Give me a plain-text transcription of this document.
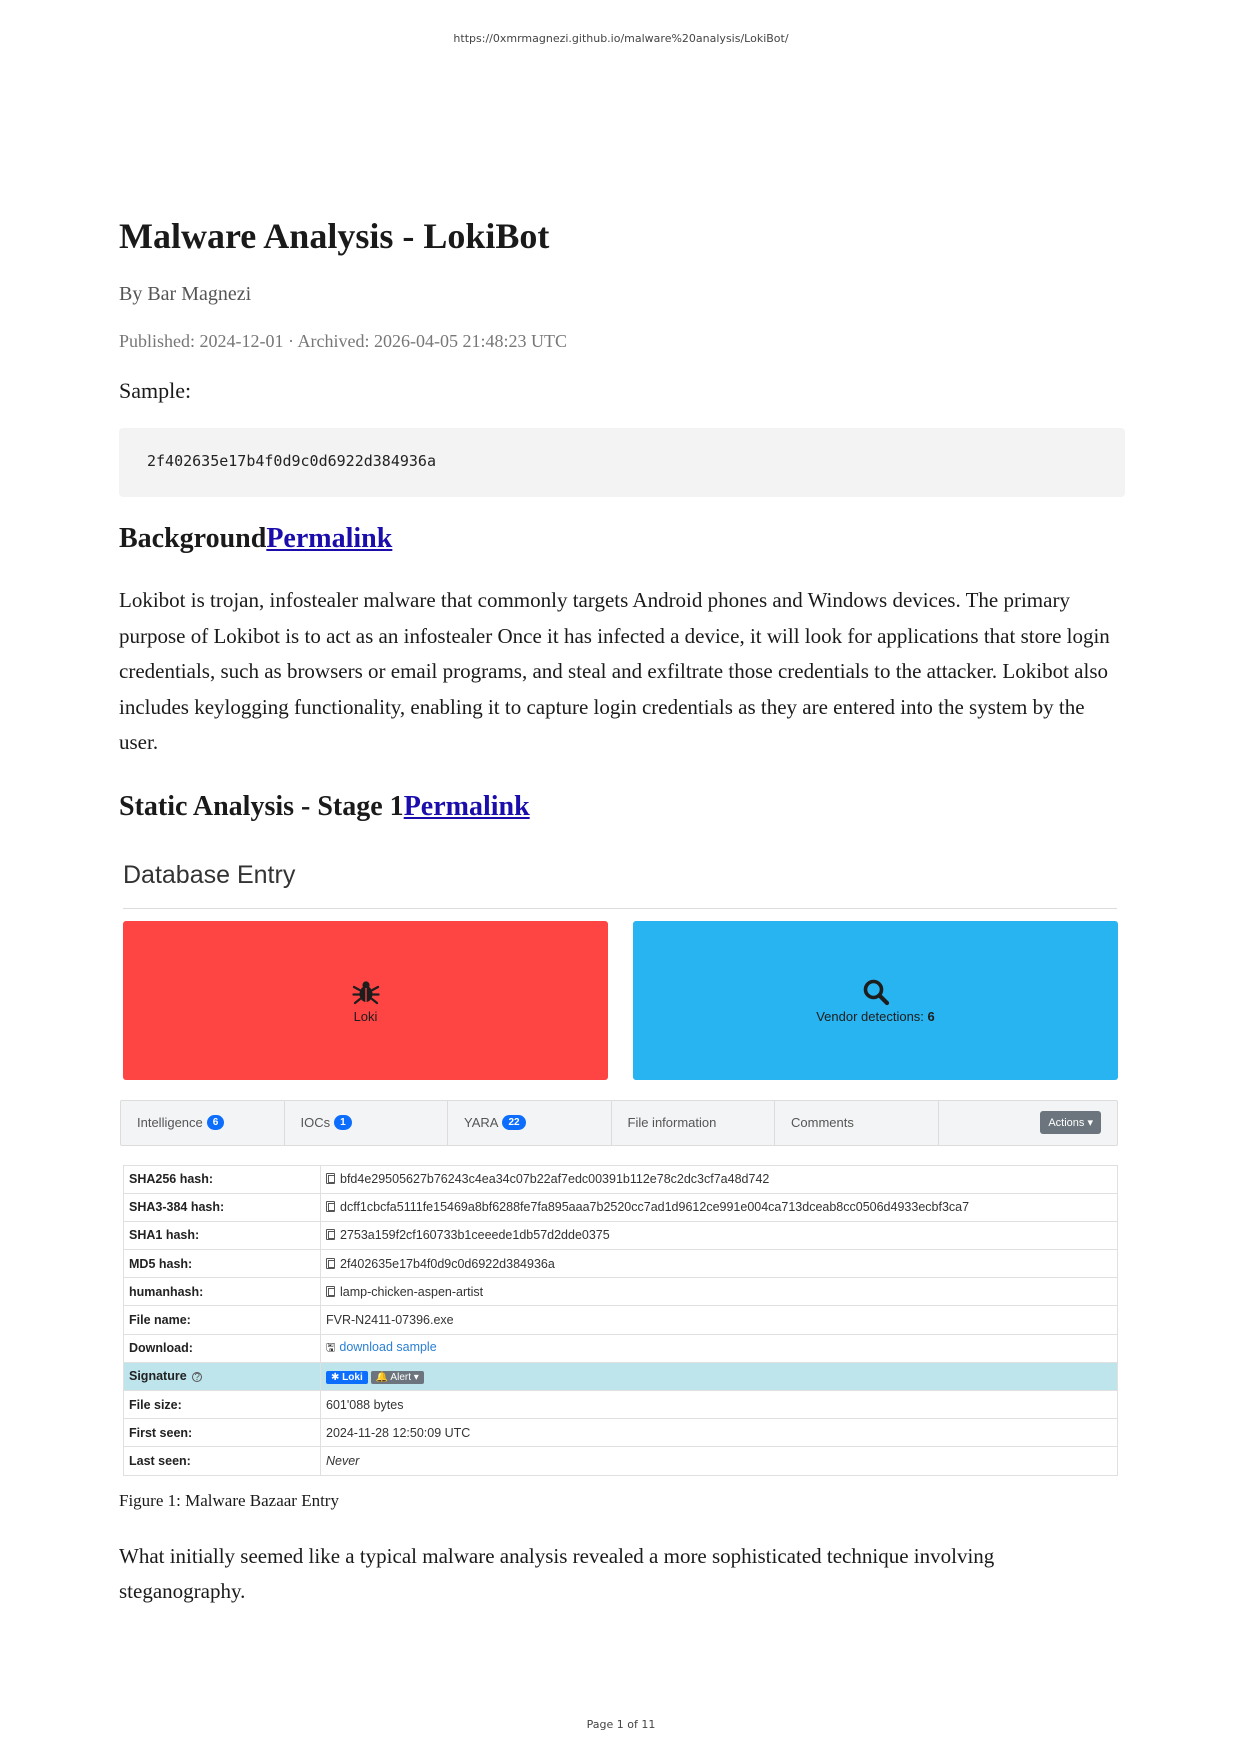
https://0xmrmagnezi.github.io/malware%20analysis/LokiBot/
Malware Analysis - LokiBot
By Bar Magnezi
Published: 2024-12-01 · Archived: 2026-04-05 21:48:23 UTC
Sample:
2f402635e17b4f0d9c0d6922d384936a
BackgroundPermalink

Lokibot is trojan, infostealer malware that commonly targets Android phones and Windows devices. The primary purpose of Lokibot is to act as an infostealer Once it has infected a device, it will look for applications that store login credentials, such as browsers or email programs, and steal and exfiltrate those credentials to the attacker. Lokibot also includes keylogging functionality, enabling it to capture login credentials as they are entered into the system by the user.

Static Analysis - Stage 1Permalink
Database Entry
Loki	Vendor detections: 6
Intelligence	6	IOCs	1	YARA	22	File information	Comments	Actions ▾
SHA256 hash:	bfd4e29505627b76243c4ea34c07b22af7edc00391b112e78c2dc3cf7a48d742
SHA3-384 hash:	dcff1cbcfa5111fe15469a8bf6288fe7fa895aaa7b2520cc7ad1d9612ce991e004ca713dceab8cc0506d4933ecbf3ca7
SHA1 hash:	2753a159f2cf160733b1ceeede1db57d2dde0375
MD5 hash:	2f402635e17b4f0d9c0d6922d384936a
humanhash:	lamp-chicken-aspen-artist
File name:	FVR-N2411-07396.exe
Download:	🖫 download sample
Signature ?	✱ Loki 🔔 Alert ▾
File size:	601'088 bytes
First seen:	2024-11-28 12:50:09 UTC
Last seen:	Never
Figure 1: Malware Bazaar Entry

What initially seemed like a typical malware analysis revealed a more sophisticated technique involving steganography.

Page 1 of 11
